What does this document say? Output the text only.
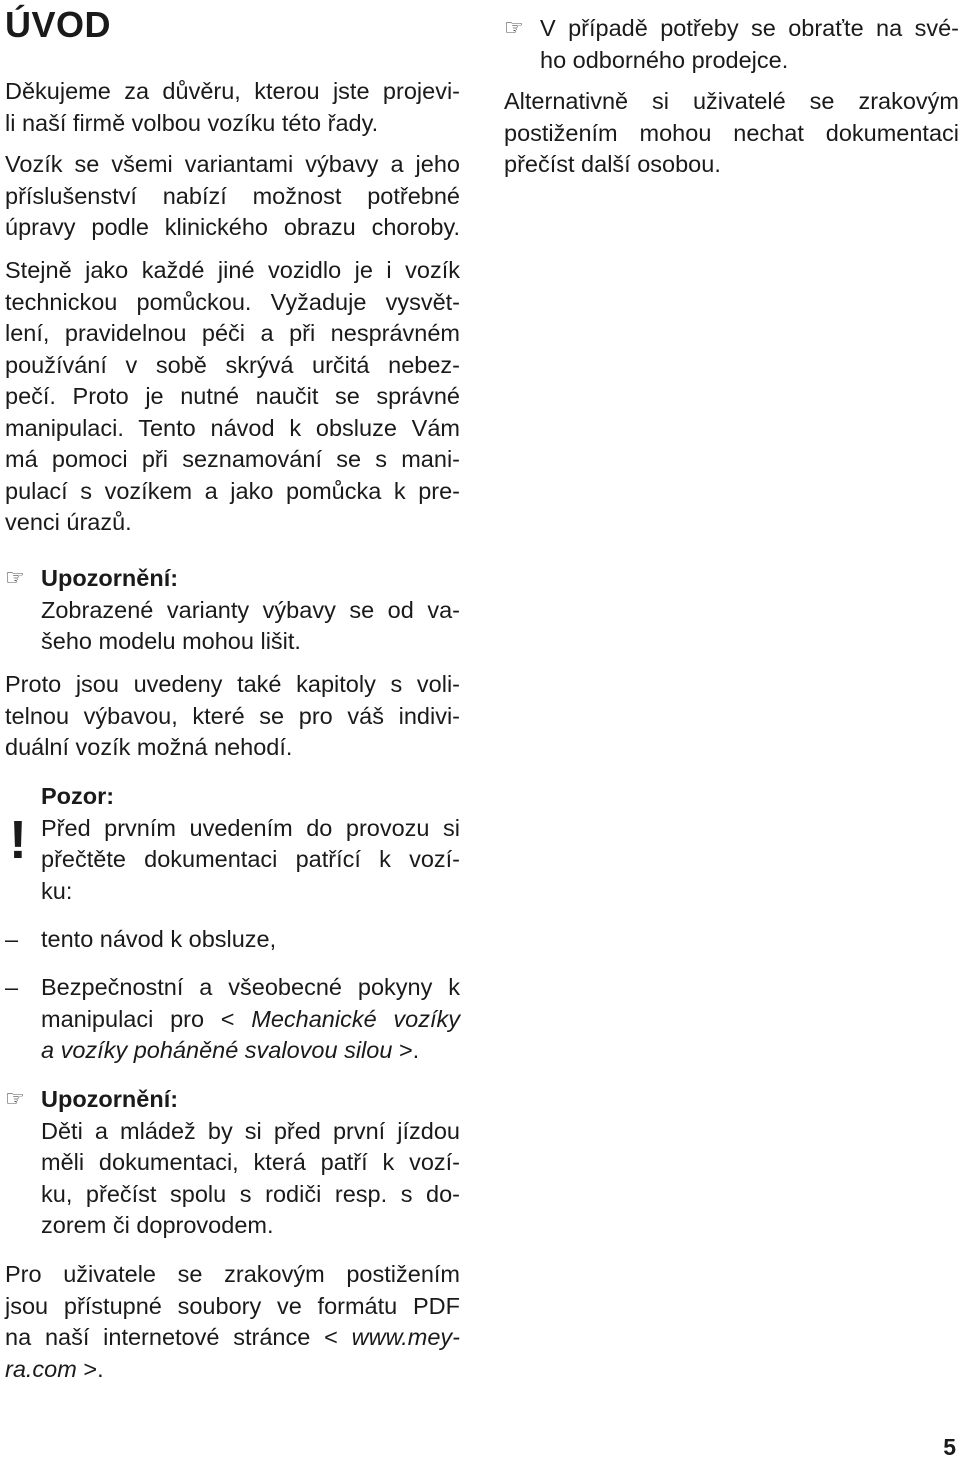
ÚVOD

Děkujeme za důvěru, kterou jste projevi-

li naší firmě volbou vozíku této řady.

Vozík se všemi variantami výbavy a jeho

příslušenství nabízí možnost potřebné

úpravy podle klinického obrazu choroby.

Stejně jako každé jiné vozidlo je i vozík

technickou pomůckou. Vyžaduje vysvět-

lení, pravidelnou péči a při nesprávném

používání v sobě skrývá určitá nebez-

pečí. Proto je nutné naučit se správné

manipulaci. Tento návod k obsluze Vám

má pomoci při seznamování se s mani-

pulací s vozíkem a jako pomůcka k pre-

venci úrazů.

☞ Upozornění:

Zobrazené varianty výbavy se od va-

šeho modelu mohou lišit.

Proto jsou uvedeny také kapitoly s voli-

telnou výbavou, které se pro váš indivi-

duální vozík možná nehodí.

!

Pozor:

Před prvním uvedením do provozu si

přečtěte dokumentaci patřící k vozí-

ku:

– tento návod k obsluze,

– Bezpečnostní a všeobecné pokyny k

manipulaci pro < Mechanické vozíky

a vozíky poháněné svalovou silou >.

☞ Upozornění:

Děti a mládež by si před první jízdou

měli dokumentaci, která patří k vozí-

ku, přečíst spolu s rodiči resp. s do-

zorem či doprovodem.

Pro uživatele se zrakovým postižením

jsou přístupné soubory ve formátu PDF

na naší internetové stránce < www.mey-

ra.com >.

☞ V případě potřeby se obraťte na své-

ho odborného prodejce.

Alternativně si uživatelé se zrakovým

postižením mohou nechat dokumentaci

přečíst další osobou.

5
